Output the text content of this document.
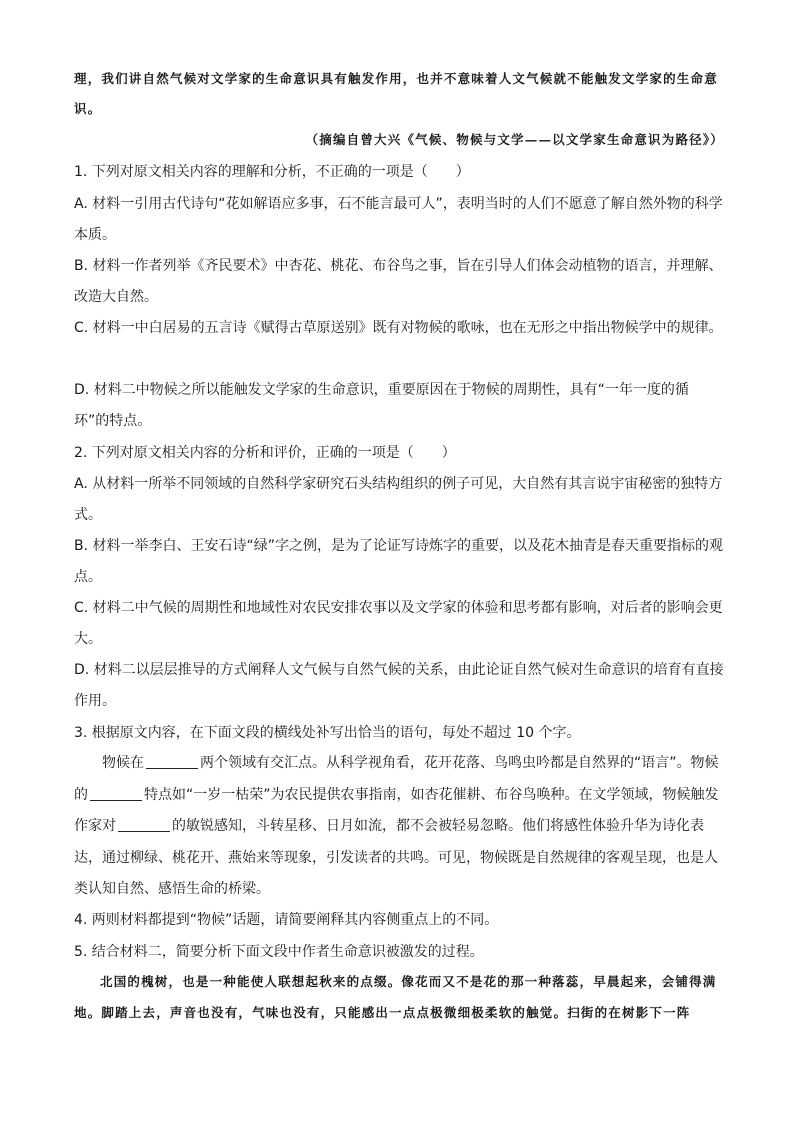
理，我们讲自然气候对文学家的生命意识具有触发作用，也并不意味着人文气候就不能触发文学家的生命意识。
（摘编自曾大兴《气候、物候与文学——以文学家生命意识为路径》）
1. 下列对原文相关内容的理解和分析，不正确的一项是（　　）
A. 材料一引用古代诗句“花如解语应多事，石不能言最可人”，表明当时的人们不愿意了解自然外物的科学本质。
B. 材料一作者列举《齐民要术》中杏花、桃花、布谷鸟之事，旨在引导人们体会动植物的语言，并理解、改造大自然。
C. 材料一中白居易的五言诗《赋得古草原送别》既有对物候的歌咏，也在无形之中指出物候学中的规律。
D. 材料二中物候之所以能触发文学家的生命意识，重要原因在于物候的周期性，具有“一年一度的循环”的特点。
2. 下列对原文相关内容的分析和评价，正确的一项是（　　）
A. 从材料一所举不同领域的自然科学家研究石头结构组织的例子可见，大自然有其言说宇宙秘密的独特方式。
B. 材料一举李白、王安石诗“绿”字之例，是为了论证写诗炼字的重要，以及花木抽青是春天重要指标的观点。
C. 材料二中气候的周期性和地域性对农民安排农事以及文学家的体验和思考都有影响，对后者的影响会更大。
D. 材料二以层层推导的方式阐释人文气候与自然气候的关系，由此论证自然气候对生命意识的培育有直接作用。
3. 根据原文内容，在下面文段的横线处补写出恰当的语句，每处不超过 10 个字。
物候在	两个领域有交汇点。从科学视角看，花开花落、鸟鸣虫吟都是自然界的“语言”。物候的	特点如“一岁一枯荣”为农民提供农事指南，如杏花催耕、布谷鸟唤种。在文学领域，物候触发作家对	的敏锐感知，斗转星移、日月如流，都不会被轻易忽略。他们将感性体验升华为诗化表达，通过柳绿、桃花开、燕始来等现象，引发读者的共鸣。可见，物候既是自然规律的客观呈现，也是人类认知自然、感悟生命的桥梁。
4. 两则材料都提到“物候”话题，请简要阐释其内容侧重点上的不同。
5. 结合材料二，简要分析下面文段中作者生命意识被激发的过程。
北国的槐树，也是一种能使人联想起秋来的点缀。像花而又不是花的那一种落蕊，早晨起来，会铺得满地。脚踏上去，声音也没有，气味也没有，只能感出一点点极微细极柔软的触觉。扫街的在树影下一阵
